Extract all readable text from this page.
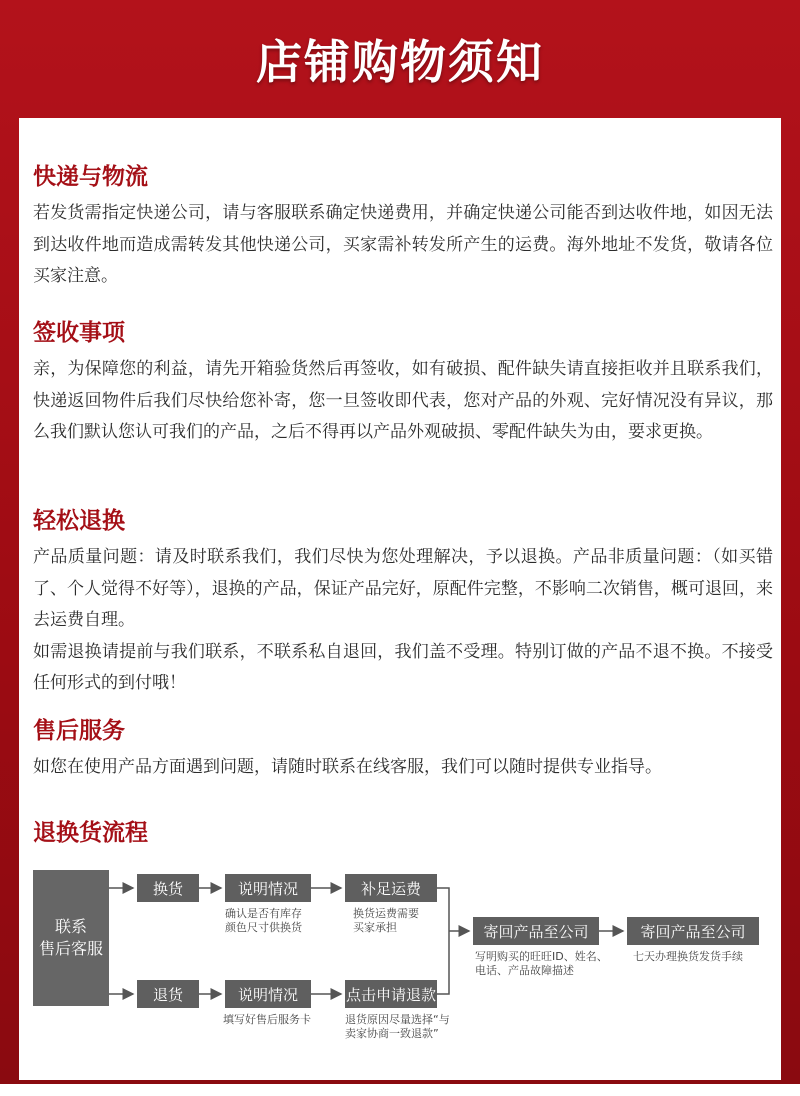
店铺购物须知
快递与物流

若发货需指定快递公司，请与客服联系确定快递费用，并确定快递公司能否到达收件地，如因无法到达收件地而造成需转发其他快递公司，买家需补转发所产生的运费。海外地址不发货，敬请各位买家注意。

签收事项

亲，为保障您的利益，请先开箱验货然后再签收，如有破损、配件缺失请直接拒收并且联系我们，快递返回物件后我们尽快给您补寄，您一旦签收即代表，您对产品的外观、完好情况没有异议，那么我们默认您认可我们的产品，之后不得再以产品外观破损、零配件缺失为由，要求更换。

轻松退换

产品质量问题：请及时联系我们，我们尽快为您处理解决，予以退换。产品非质量问题：（如买错了、个人觉得不好等），退换的产品，保证产品完好，原配件完整，不影响二次销售，概可退回，来去运费自理。

如需退换请提前与我们联系，不联系私自退回，我们盖不受理。特别订做的产品不退不换。不接受任何形式的到付哦！

售后服务

如您在使用产品方面遇到问题，请随时联系在线客服，我们可以随时提供专业指导。

退换货流程
联系
售后客服
换货
退货
说明情况
确认是否有库存
颜色尺寸供换货
说明情况
填写好售后服务卡
补足运费
换货运费需要
买家承担
点击申请退款
退货原因尽量选择“与
卖家协商一致退款”
寄回产品至公司
写明购买的旺旺ID、姓名、
电话、产品故障描述
寄回产品至公司
七天办理换货发货手续
